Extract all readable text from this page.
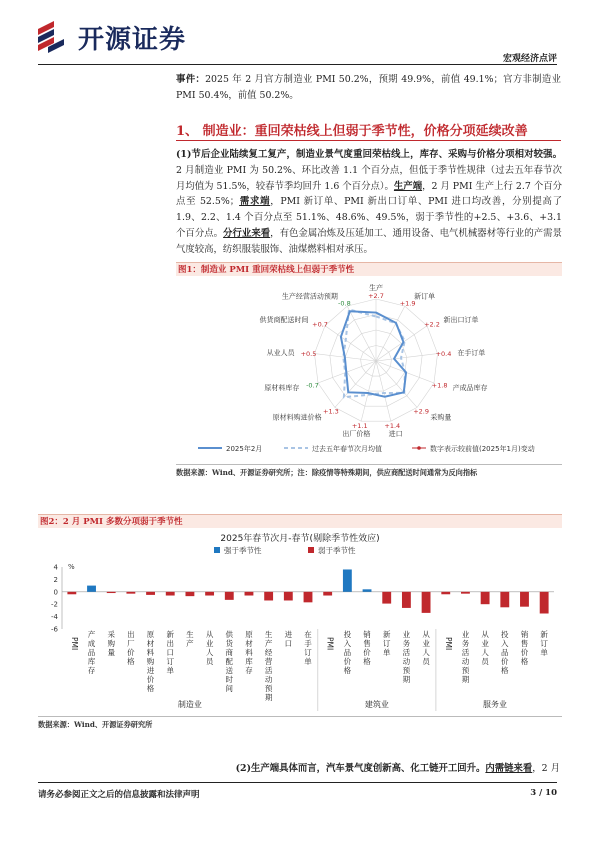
开源证券
宏观经济点评
事件：2025 年 2 月官方制造业 PMI 50.2%，预期 49.9%，前值 49.1%；官方非制造业 PMI 50.4%，前值 50.2%。
1、 制造业：重回荣枯线上但弱于季节性，价格分项延续改善
(1)节后企业陆续复工复产，制造业景气度重回荣枯线上，库存、采购与价格分项相对较强。2 月制造业 PMI 为 50.2%、环比改善 1.1 个百分点，但低于季节性规律（过去五年春节次月均值为 51.5%，较春节季均回升 1.6 个百分点）。生产端，2 月 PMI 生产上行 2.7 个百分点至 52.5%；需求端，PMI 新订单、PMI 新出口订单、PMI 进口均改善，分别提高了 1.9、2.2、1.4 个百分点至 51.1%、48.6%、49.5%，弱于季节性的+2.5、+3.6、+3.1 个百分点。分行业来看，有色金属冶炼及压延加工、通用设备、电气机械器材等行业的产需景气度较高，纺织服装服饰、油煤燃料相对承压。
图1：制造业 PMI 重回荣枯线上但弱于季节性
生产
+2.7	新订单
+1.9
新出口订单
+2.2
在手订单
+0.4
产成品库存
+1.8
采购量
+2.9
进口
+1.4
出厂价格
+1.1
原材料购进价格
+1.3
原材料库存 -0.7
从业人员 +0.5
供货商配送时间
+0.7
生产经营活动预期
-0.8
2025年2月	过去五年春节次月均值	数字表示较前值(2025年1月)变动
数据来源：Wind、开源证券研究所；注：除疫情等特殊期间，供应商配送时间通常为反向指标
图2：2 月 PMI 多数分项弱于季节性
2025年春节次月-春节(剔除季节性效应)
强于季节性	弱于季节性
%
4
2
0
-2
-4
-6
PMI
产成品库存
采购量
出厂价格
原材料购进价格
新出口订单
生产
从业人员
供货商配送时间
原材料库存
生产经营活动预期
进口
在手订单
PMI
投入品价格
销售价格
新订单
业务活动预期
从业人员
PMI
业务活动预期
从业人员
投入品价格
销售价格
新订单
制造业	建筑业	服务业
数据来源：Wind、开源证券研究所
(2)生产端具体而言，汽车景气度创新高、化工链开工回升。内需链来看，2 月
请务必参阅正文之后的信息披露和法律声明	3 / 10
